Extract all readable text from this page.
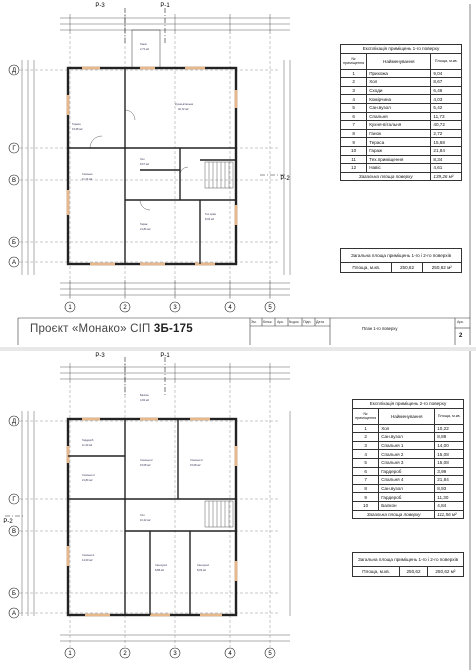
Кухня-вітальня
40,72 м2
Спальня
11,73 м2
Хол
8,67 м2
Гараж
21,84 м2
Тех.прим
8,34 м2
Ганок
2,72 м2
Тераса
15,68 м2
Д
Г
В
Б
А
1	2	3	4	5
Р-3	Р-1
Р-2
Експлікація приміщень 1-го поверху		
№ приміщення	Найменування	Площа, м.кв.
1	Прихожа	9,04
2	Хол	8,67
3	Сходи	6,46
4	Комірчина	4,03
5	Сан.вузол	5,42
6	Спальня	11,73
7	Кухня-вітальня	40,72
8	Ганок	2,72
9	Тераса	15,68
10	Гараж	21,84
11	Тех.приміщення	8,34
12	Навіс	4,61
Загальна площа поверху		139,26 м²
Загальна площа приміщень 1-го і 2-го поверхів
Площа, м.кв.	250,62	250,62 м²
Проєкт «Монако» СІП 3Б-175
Зм. Кільк. Арк. №док. Підп. Дата
План 1-го поверху
Арк.
2
Гардероб
11,30 м2
Спальня 4
21,84 м2
Спальня 2
15,08 м2
Спальня 3
15,08 м2
Спальня 1
14,00 м2
Хол
10,22 м2
Сан.вузол
8,88 м2
Сан.вузол
8,93 м2
Балкон
4,84 м2
Д
Г
В
Б
А
1	2	3	4	5
Р-3	Р-1
Р-2
Експлікація приміщень 2-го поверху		
№ приміщення	Найменування	Площа, м.кв.
1	Хол	10,22
2	Сан.вузол	8,88
3	Спальня 1	14,00
4	Спальня 2	15,08
5	Спальня 3	15,08
6	Гардероб	3,99
7	Спальня 4	21,84
8	Сан.вузол	8,93
9	Гардероб	11,30
10	Балкон	4,84
Загальна площа поверху		111,56 м²
Загальна площа приміщень 1-го і 2-го поверхів
Площа, м.кв.	250,62	250,62 м²
